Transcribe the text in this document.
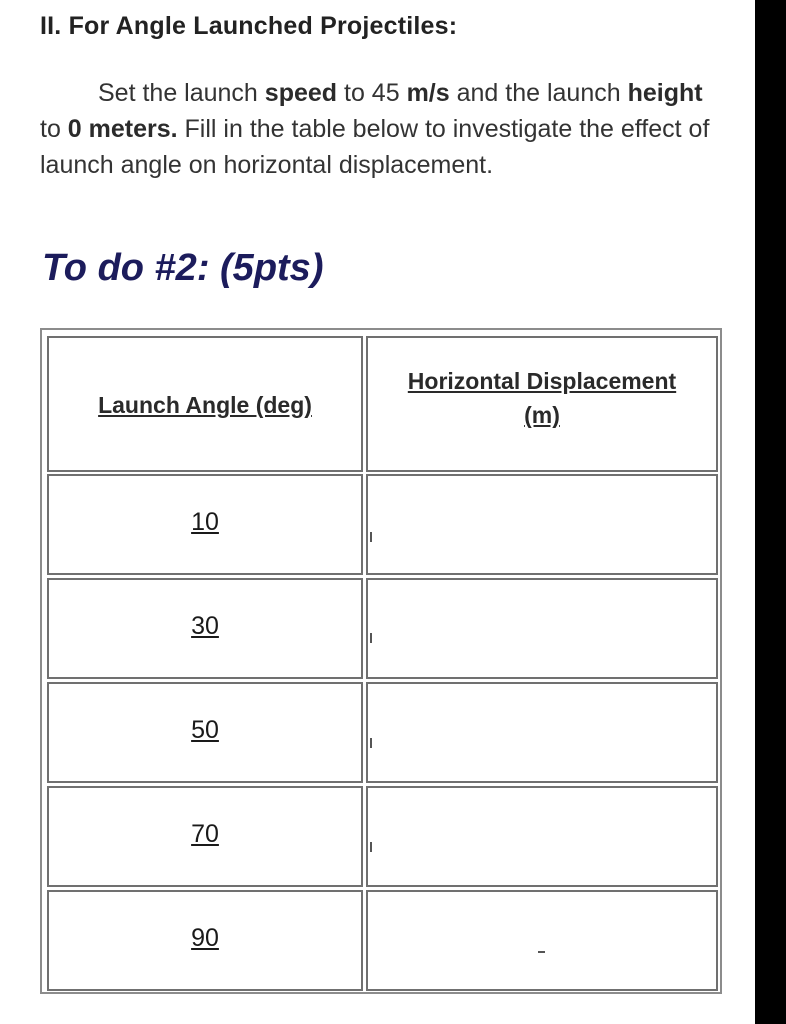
II. For Angle Launched Projectiles:

Set the launch speed to 45 m/s and the launch height to 0 meters. Fill in the table below to investigate the effect of launch angle on horizontal displacement.

To do #2: (5pts)
Launch Angle (deg)
Horizontal Displacement
(m)
10
30
50
70
90
